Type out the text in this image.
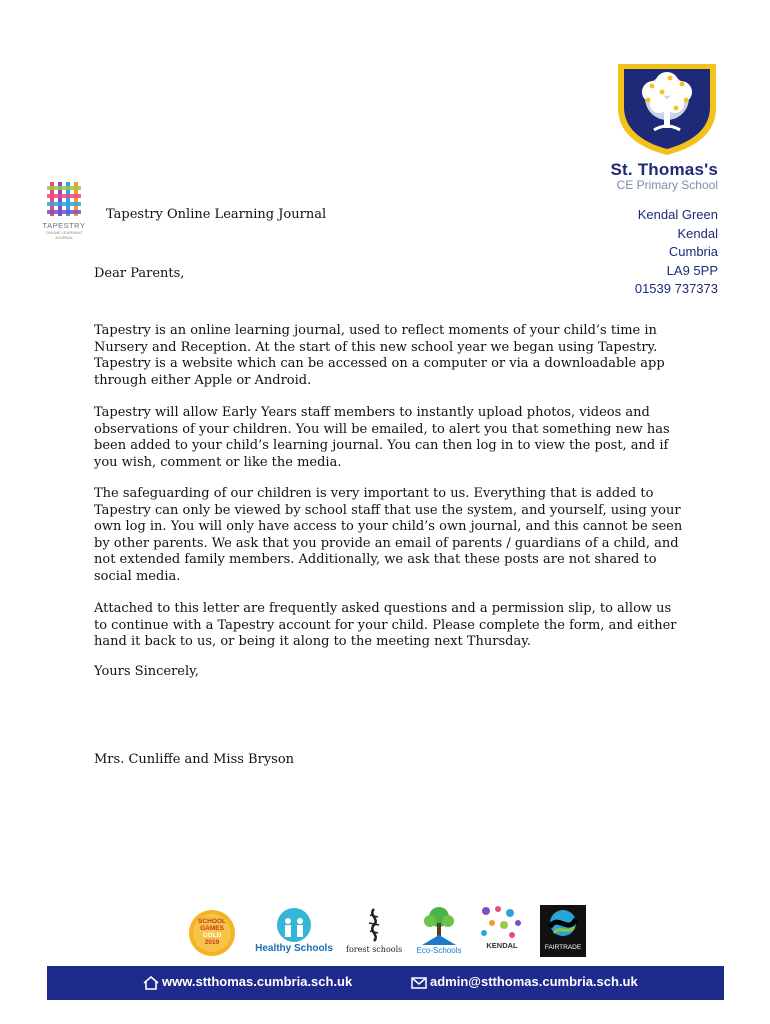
St. Thomas's
CE Primary School
Kendal Green
Kendal
Cumbria
LA9 5PP
01539 737373
TAPESTRY
ONLINE LEARNING JOURNAL
Tapestry Online Learning Journal
Dear Parents,
Tapestry is an online learning journal, used to reflect moments of your child’s time in Nursery and Reception. At the start of this new school year we began using Tapestry. Tapestry is a website which can be accessed on a computer or via a downloadable app through either Apple or Android.
Tapestry will allow Early Years staff members to instantly upload photos, videos and observations of your children. You will be emailed, to alert you that something new has been added to your child’s learning journal. You can then log in to view the post, and if you wish, comment or like the media.
The safeguarding of our children is very important to us. Everything that is added to Tapestry can only be viewed by school staff that use the system, and yourself, using your own log in. You will only have access to your child’s own journal, and this cannot be seen by other parents. We ask that you provide an email of parents / guardians of a child, and not extended family members. Additionally, we ask that these posts are not shared to social media.
Attached to this letter are frequently asked questions and a permission slip, to allow us to continue with a Tapestry account for your child. Please complete the form, and either hand it back to us, or being it along to the meeting next Thursday.
Yours Sincerely,
Mrs. Cunliffe and Miss Bryson
SCHOOL
GAMES
GOLD
2019
Healthy Schools	forest schools	Eco-Schools
KENDAL	FAIRTRADE
www.stthomas.cumbria.sch.uk	admin@stthomas.cumbria.sch.uk
